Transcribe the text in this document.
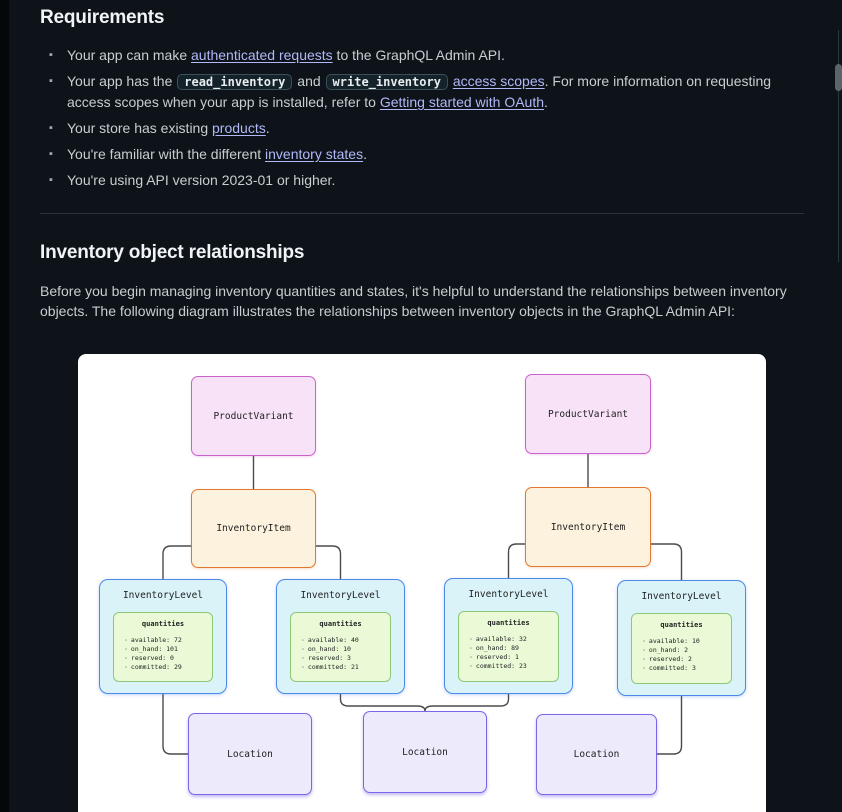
Requirements
▪ Your app can make authenticated requests to the GraphQL Admin API.
▪ Your app has the read_inventory and write_inventory access scopes. For more information on requesting access scopes when your app is installed, refer to Getting started with OAuth.
▪ Your store has existing products.
▪ You're familiar with the different inventory states.
▪ You're using API version 2023-01 or higher.
Inventory object relationships

Before you begin managing inventory quantities and states, it's helpful to understand the relationships between inventory objects. The following diagram illustrates the relationships between inventory objects in the GraphQL Admin API:

ProductVariant	ProductVariant
InventoryItem	InventoryItem
InventoryLevel
quantities
· available: 72
· on_hand: 101
· reserved: 0
· committed: 29
InventoryLevel
quantities
· available: 40
· on_hand: 10
· reserved: 3
· committed: 21
InventoryLevel
quantities
· available: 32
· on_hand: 89
· reserved: 1
· committed: 23
InventoryLevel
quantities
· available: 10
· on_hand: 2
· reserved: 2
· committed: 3
Location	Location	Location
